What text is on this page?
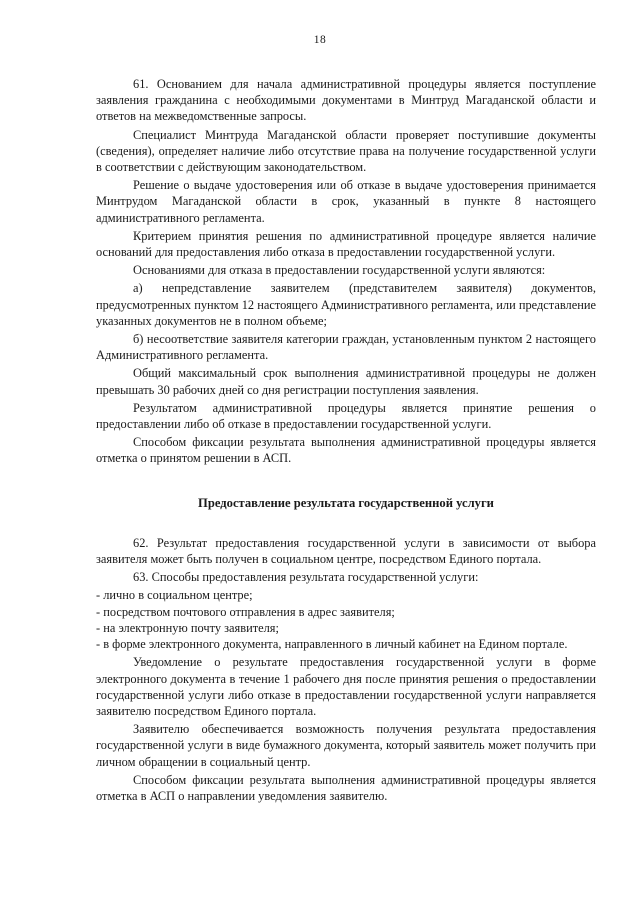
18

61. Основанием для начала административной процедуры является поступление заявления гражданина с необходимыми документами в Минтруд Магаданской области и ответов на межведомственные запросы.

Специалист Минтруда Магаданской области проверяет поступившие документы (сведения), определяет наличие либо отсутствие права на получение государственной услуги в соответствии с действующим законодательством.

Решение о выдаче удостоверения или об отказе в выдаче удостоверения принимается Минтрудом Магаданской области в срок, указанный в пункте 8 настоящего административного регламента.

Критерием принятия решения по административной процедуре является наличие оснований для предоставления либо отказа в предоставлении государственной услуги.

Основаниями для отказа в предоставлении государственной услуги являются:

а) непредставление заявителем (представителем заявителя) документов, предусмотренных пунктом 12 настоящего Административного регламента, или представление указанных документов не в полном объеме;

б) несоответствие заявителя категории граждан, установленным пунктом 2 настоящего Административного регламента.

Общий максимальный срок выполнения административной процедуры не должен превышать 30 рабочих дней со дня регистрации поступления заявления.

Результатом административной процедуры является принятие решения о предоставлении либо об отказе в предоставлении государственной услуги.

Способом фиксации результата выполнения административной процедуры является отметка о принятом решении в АСП.

Предоставление результата государственной услуги

62. Результат предоставления государственной услуги в зависимости от выбора заявителя может быть получен в социальном центре, посредством Единого портала.

63. Способы предоставления результата государственной услуги:

- лично в социальном центре;

- посредством почтового отправления в адрес заявителя;

- на электронную почту заявителя;

- в форме электронного документа, направленного в личный кабинет на Едином портале.

Уведомление о результате предоставления государственной услуги в форме электронного документа в течение 1 рабочего дня после принятия решения о предоставлении государственной услуги либо отказе в предоставлении государственной услуги направляется заявителю посредством Единого портала.

Заявителю обеспечивается возможность получения результата предоставления государственной услуги в виде бумажного документа, который заявитель может получить при личном обращении в социальный центр.

Способом фиксации результата выполнения административной процедуры является отметка в АСП о направлении уведомления заявителю.
